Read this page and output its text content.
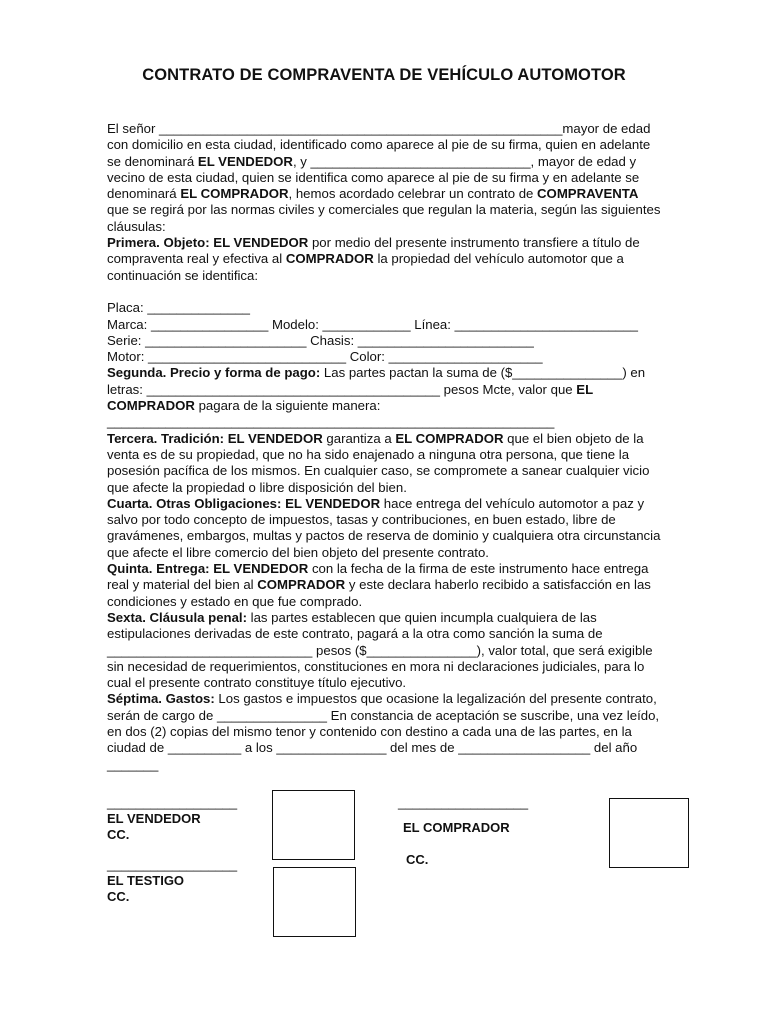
CONTRATO DE COMPRAVENTA DE VEHÍCULO AUTOMOTOR

El señor _______________________________________________________mayor de edad con domicilio en esta ciudad, identificado como aparece al pie de su firma, quien en adelante se denominará EL VENDEDOR, y ______________________________, mayor de edad y vecino de esta ciudad, quien se identifica como aparece al pie de su firma y en adelante se denominará EL COMPRADOR, hemos acordado celebrar un contrato de COMPRAVENTA que se regirá por las normas civiles y comerciales que regulan la materia, según las siguientes cláusulas:

Primera. Objeto: EL VENDEDOR por medio del presente instrumento transfiere a título de compraventa real y efectiva al COMPRADOR la propiedad del vehículo automotor que a continuación se identifica:

Placa: ______________

Marca: ________________ Modelo: ____________ Línea: _________________________

Serie: ______________________ Chasis: ________________________

Motor: ___________________________ Color: _____________________

Segunda. Precio y forma de pago: Las partes pactan la suma de ($_______________) en letras: ________________________________________ pesos Mcte, valor que EL COMPRADOR pagara de la siguiente manera: _____________________________________________________________

Tercera. Tradición: EL VENDEDOR garantiza a EL COMPRADOR que el bien objeto de la venta es de su propiedad, que no ha sido enajenado a ninguna otra persona, que tiene la posesión pacífica de los mismos. En cualquier caso, se compromete a sanear cualquier vicio que afecte la propiedad o libre disposición del bien.

Cuarta. Otras Obligaciones: EL VENDEDOR hace entrega del vehículo automotor a paz y salvo por todo concepto de impuestos, tasas y contribuciones, en buen estado, libre de gravámenes, embargos, multas y pactos de reserva de dominio y cualquiera otra circunstancia que afecte el libre comercio del bien objeto del presente contrato.

Quinta. Entrega: EL VENDEDOR con la fecha de la firma de este instrumento hace entrega real y material del bien al COMPRADOR y este declara haberlo recibido a satisfacción en las condiciones y estado en que fue comprado.

Sexta. Cláusula penal: las partes establecen que quien incumpla cualquiera de las estipulaciones derivadas de este contrato, pagará a la otra como sanción la suma de ____________________________ pesos ($_______________), valor total, que será exigible sin necesidad de requerimientos, constituciones en mora ni declaraciones judiciales, para lo cual el presente contrato constituye título ejecutivo.

Séptima. Gastos: Los gastos e impuestos que ocasione la legalización del presente contrato, serán de cargo de _______________ En constancia de aceptación se suscribe, una vez leído, en dos (2) copias del mismo tenor y contenido con destino a cada una de las partes, en la ciudad de __________ a los _______________ del mes de __________________ del año _______

__________________
EL VENDEDOR
CC.
__________________
EL COMPRADOR
CC.
__________________
EL TESTIGO
CC.
